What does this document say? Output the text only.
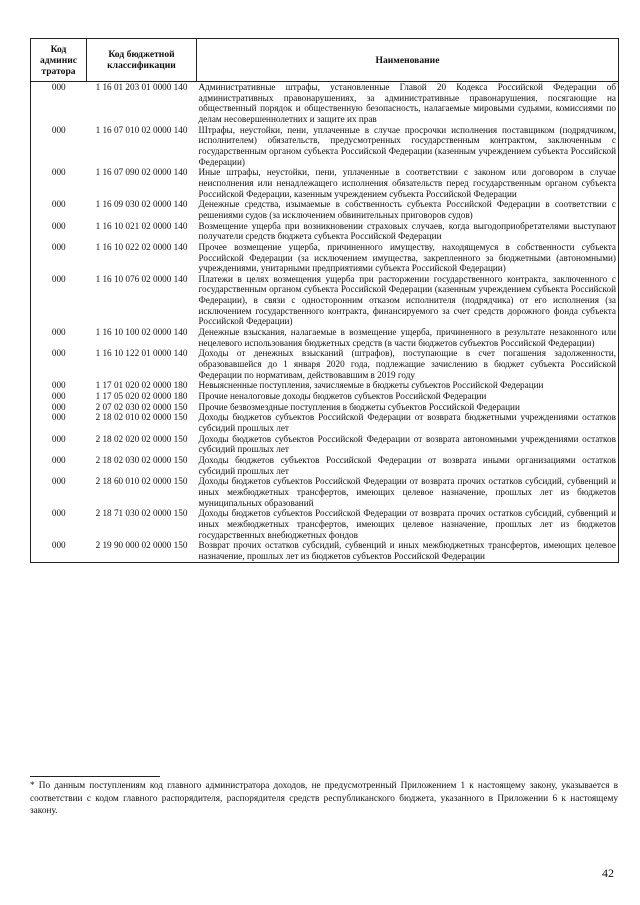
Код админис тратора	Код бюджетной классификации	Наименование
000	1 16 01 203 01 0000 140	Административные штрафы, установленные Главой 20 Кодекса Российской Федерации об административных правонарушениях, за административные правонарушения, посягающие на общественный порядок и общественную безопасность, налагаемые мировыми судьями, комиссиями по делам несовершеннолетних и защите их прав
000	1 16 07 010 02 0000 140	Штрафы, неустойки, пени, уплаченные в случае просрочки исполнения поставщиком (подрядчиком, исполнителем) обязательств, предусмотренных государственным контрактом, заключенным с государственным органом субъекта Российской Федерации (казенным учреждением субъекта Российской Федерации)
000	1 16 07 090 02 0000 140	Иные штрафы, неустойки, пени, уплаченные в соответствии с законом или договором в случае неисполнения или ненадлежащего исполнения обязательств перед государственным органом субъекта Российской Федерации, казенным учреждением субъекта Российской Федерации
000	1 16 09 030 02 0000 140	Денежные средства, изымаемые в собственность субъекта Российской Федерации в соответствии с решениями судов (за исключением обвинительных приговоров судов)
000	1 16 10 021 02 0000 140	Возмещение ущерба при возникновении страховых случаев, когда выгодоприобретателями выступают получатели средств бюджета субъекта Российской Федерации
000	1 16 10 022 02 0000 140	Прочее возмещение ущерба, причиненного имуществу, находящемуся в собственности субъекта Российской Федерации (за исключением имущества, закрепленного за бюджетными (автономными) учреждениями, унитарными предприятиями субъекта Российской Федерации)
000	1 16 10 076 02 0000 140	Платежи в целях возмещения ущерба при расторжении государственного контракта, заключенного с государственным органом субъекта Российской Федерации (казенным учреждением субъекта Российской Федерации), в связи с односторонним отказом исполнителя (подрядчика) от его исполнения (за исключением государственного контракта, финансируемого за счет средств дорожного фонда субъекта Российской Федерации)
000	1 16 10 100 02 0000 140	Денежные взыскания, налагаемые в возмещение ущерба, причиненного в результате незаконного или нецелевого использования бюджетных средств (в части бюджетов субъектов Российской Федерации)
000	1 16 10 122 01 0000 140	Доходы от денежных взысканий (штрафов), поступающие в счет погашения задолженности, образовавшейся до 1 января 2020 года, подлежащие зачислению в бюджет субъекта Российской Федерации по нормативам, действовавшим в 2019 году
000	1 17 01 020 02 0000 180	Невыясненные поступления, зачисляемые в бюджеты субъектов Российской Федерации
000	1 17 05 020 02 0000 180	Прочие неналоговые доходы бюджетов субъектов Российской Федерации
000	2 07 02 030 02 0000 150	Прочие безвозмездные поступления в бюджеты субъектов Российской Федерации
000	2 18 02 010 02 0000 150	Доходы бюджетов субъектов Российской Федерации от возврата бюджетными учреждениями остатков субсидий прошлых лет
000	2 18 02 020 02 0000 150	Доходы бюджетов субъектов Российской Федерации от возврата автономными учреждениями остатков субсидий прошлых лет
000	2 18 02 030 02 0000 150	Доходы бюджетов субъектов Российской Федерации от возврата иными организациями остатков субсидий прошлых лет
000	2 18 60 010 02 0000 150	Доходы бюджетов субъектов Российской Федерации от возврата прочих остатков субсидий, субвенций и иных межбюджетных трансфертов, имеющих целевое назначение, прошлых лет из бюджетов муниципальных образований
000	2 18 71 030 02 0000 150	Доходы бюджетов субъектов Российской Федерации от возврата прочих остатков субсидий, субвенций и иных межбюджетных трансфертов, имеющих целевое назначение, прошлых лет из бюджетов государственных внебюджетных фондов
000	2 19 90 000 02 0000 150	Возврат прочих остатков субсидий, субвенций и иных межбюджетных трансфертов, имеющих целевое назначение, прошлых лет из бюджетов субъектов Российской Федерации
* По данным поступлениям код главного администратора доходов, не предусмотренный Приложением 1 к настоящему закону, указывается в соответствии с кодом главного распорядителя, распорядителя средств республиканского бюджета, указанного в Приложении 6 к настоящему закону.
42
